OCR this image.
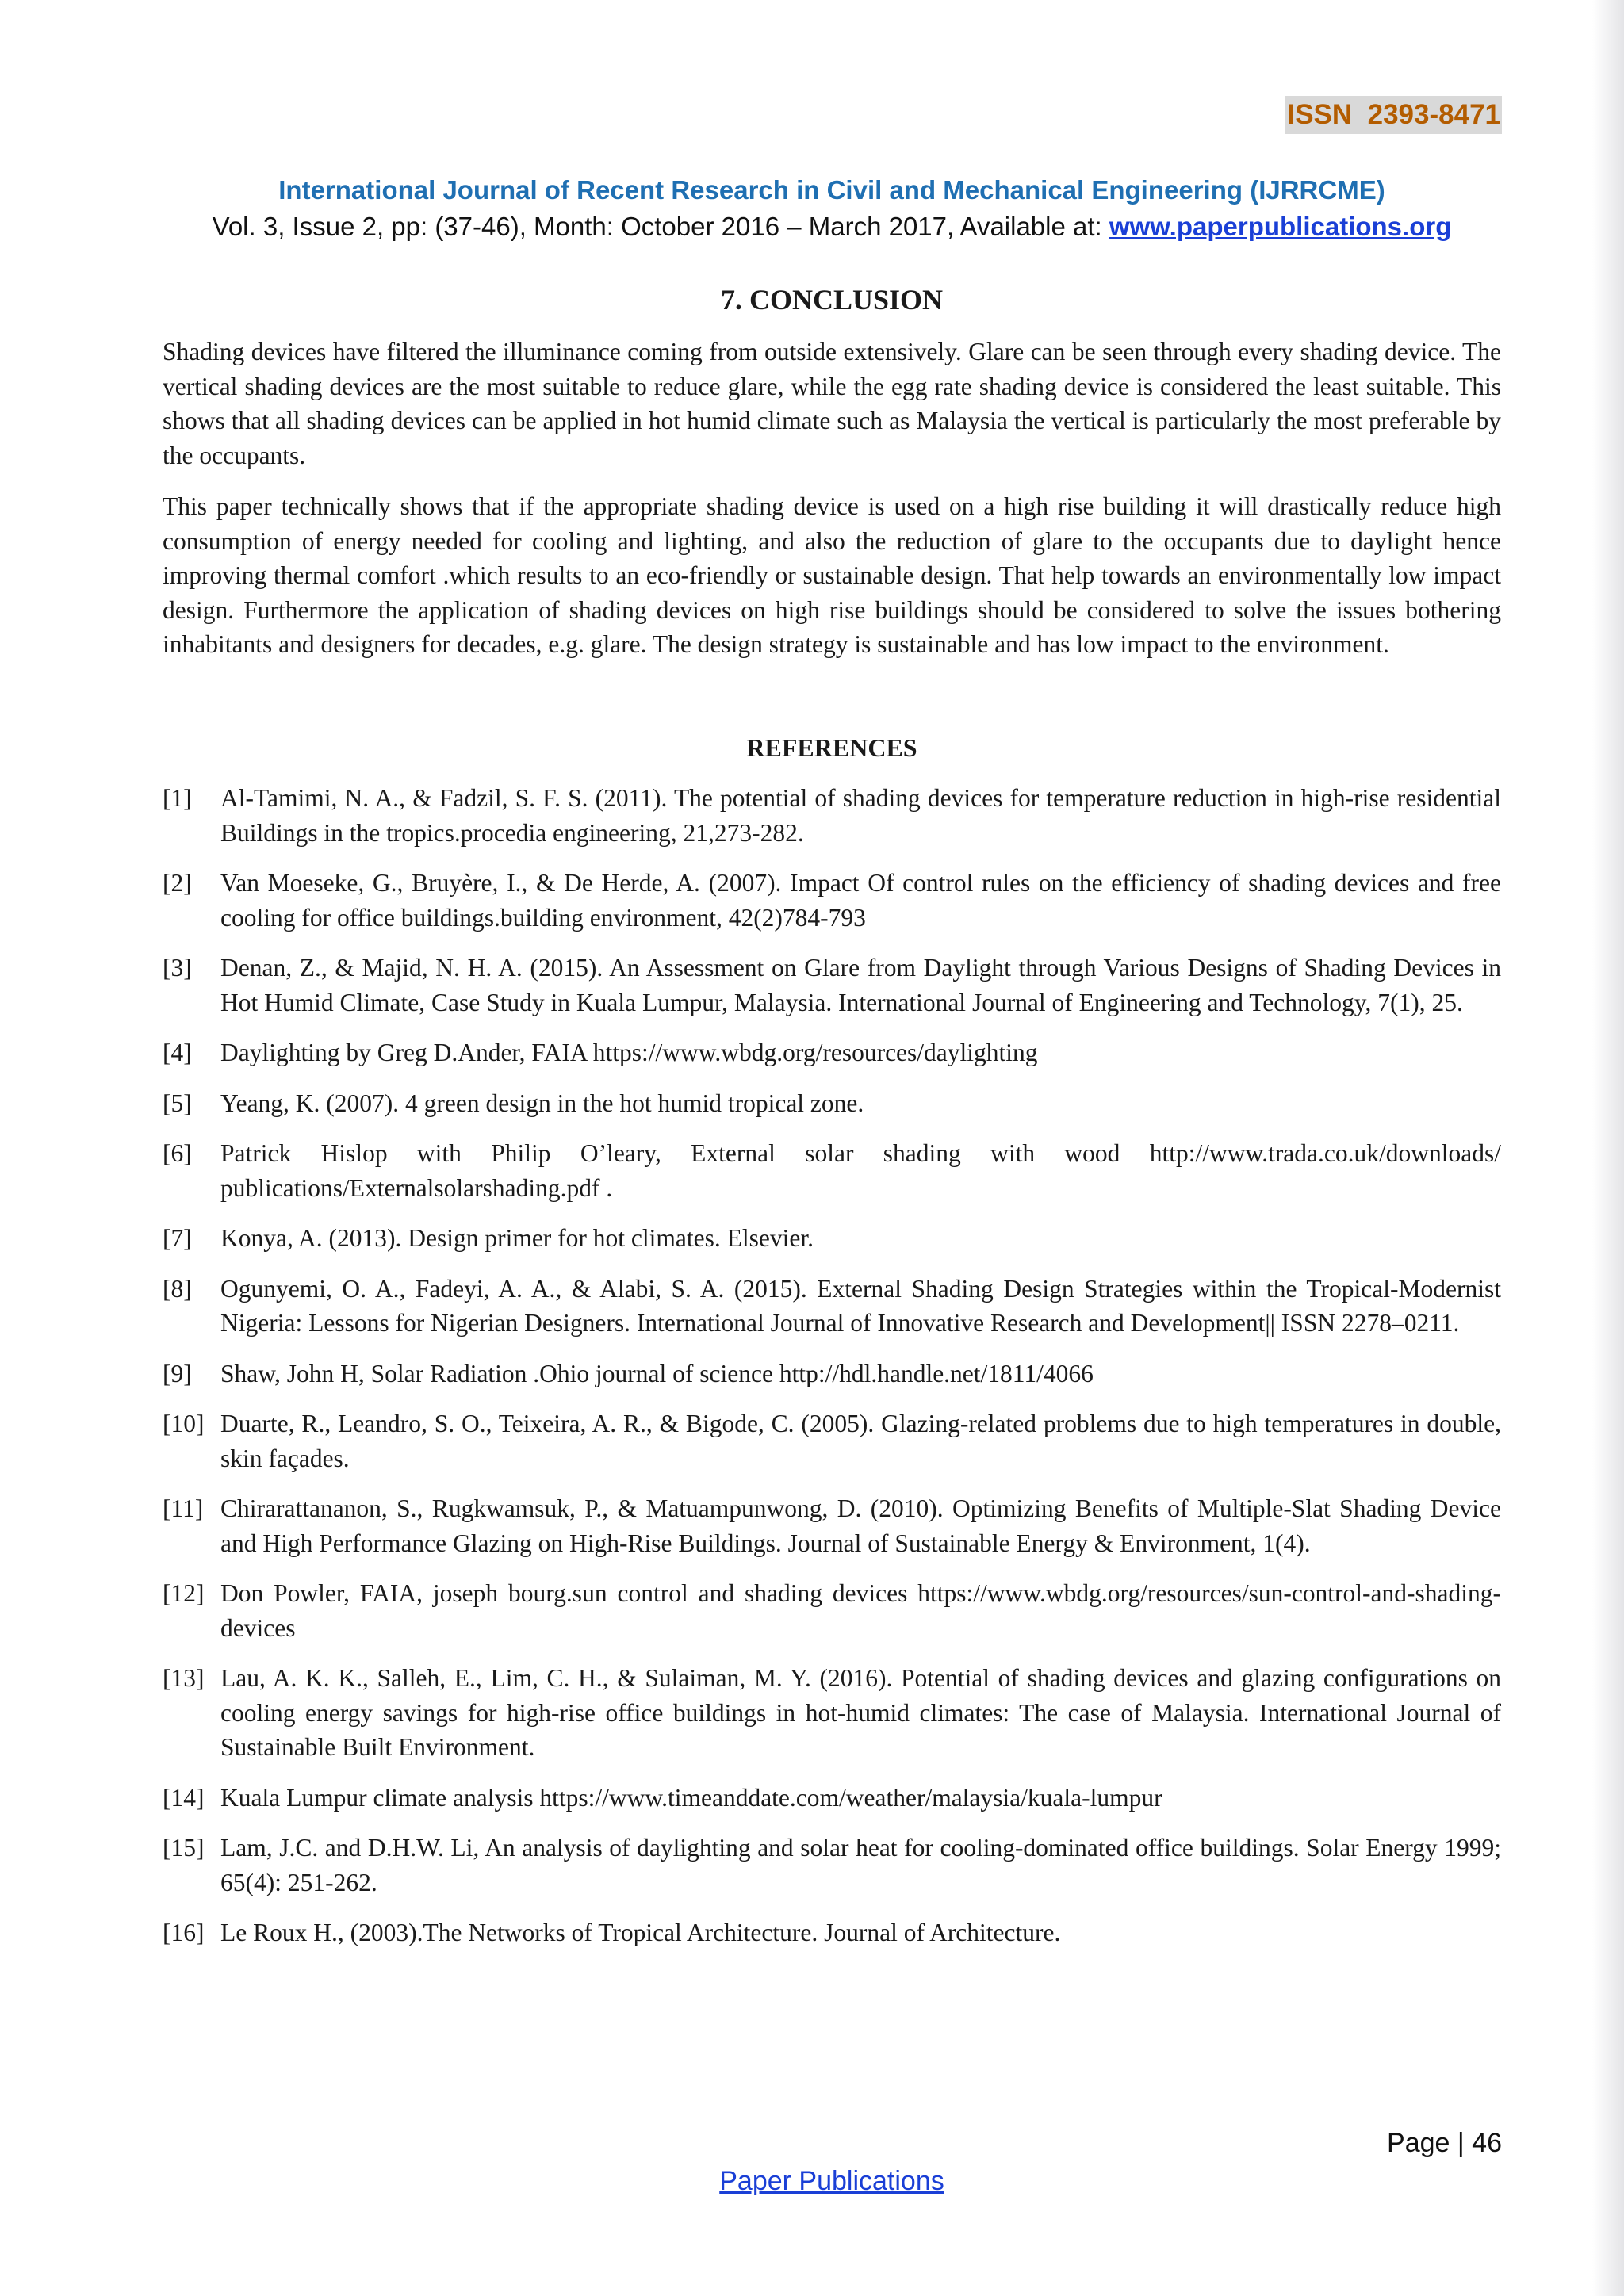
ISSN  2393-8471
International Journal of Recent Research in Civil and Mechanical Engineering (IJRRCME)
Vol. 3, Issue 2, pp: (37-46), Month: October 2016 – March 2017, Available at: www.paperpublications.org
7. CONCLUSION

Shading devices have filtered the illuminance coming from outside extensively. Glare can be seen through every shading device. The vertical shading devices are the most suitable to reduce glare, while the egg rate shading device is considered the least suitable. This shows that all shading devices can be applied in hot humid climate such as Malaysia the vertical is particularly the most preferable by the occupants.

This paper technically shows that if the appropriate shading device is used on a high rise building it will drastically reduce high consumption of energy needed for cooling and lighting, and also the reduction of glare to the occupants due to daylight hence improving thermal comfort .which results to an eco-friendly or sustainable design. That help towards an environmentally low impact design. Furthermore the application of shading devices on high rise buildings should be considered to solve the issues bothering inhabitants and designers for decades, e.g. glare. The design strategy is sustainable and has low impact to the environment.

REFERENCES
[1] Al-Tamimi, N. A., & Fadzil, S. F. S. (2011). The potential of shading devices for temperature reduction in high-rise residential Buildings in the tropics.procedia engineering, 21,273-282.
[2] Van Moeseke, G., Bruyère, I., & De Herde, A. (2007). Impact Of control rules on the efficiency of shading devices and free cooling for office buildings.building environment, 42(2)784-793
[3] Denan, Z., & Majid, N. H. A. (2015). An Assessment on Glare from Daylight through Various Designs of Shading Devices in Hot Humid Climate, Case Study in Kuala Lumpur, Malaysia. International Journal of Engineering and Technology, 7(1), 25.
[4] Daylighting by Greg D.Ander, FAIA https://www.wbdg.org/resources/daylighting
[5] Yeang, K. (2007). 4 green design in the hot humid tropical zone.
[6] Patrick Hislop with Philip O’leary, External solar shading with wood http://www.trada.co.uk/downloads/ publications/Externalsolarshading.pdf .
[7] Konya, A. (2013). Design primer for hot climates. Elsevier.
[8] Ogunyemi, O. A., Fadeyi, A. A., & Alabi, S. A. (2015). External Shading Design Strategies within the Tropical-Modernist Nigeria: Lessons for Nigerian Designers. International Journal of Innovative Research and Development|| ISSN 2278–0211.
[9] Shaw, John H, Solar Radiation .Ohio journal of science http://hdl.handle.net/1811/4066
[10] Duarte, R., Leandro, S. O., Teixeira, A. R., & Bigode, C. (2005). Glazing-related problems due to high temperatures in double, skin façades.
[11] Chirarattananon, S., Rugkwamsuk, P., & Matuampunwong, D. (2010). Optimizing Benefits of Multiple-Slat Shading Device and High Performance Glazing on High-Rise Buildings. Journal of Sustainable Energy & Environment, 1(4).
[12] Don Powler, FAIA, joseph bourg.sun control and shading devices https://www.wbdg.org/resources/sun-control-and-shading-devices
[13] Lau, A. K. K., Salleh, E., Lim, C. H., & Sulaiman, M. Y. (2016). Potential of shading devices and glazing configurations on cooling energy savings for high-rise office buildings in hot-humid climates: The case of Malaysia. International Journal of Sustainable Built Environment.
[14] Kuala Lumpur climate analysis https://www.timeanddate.com/weather/malaysia/kuala-lumpur
[15] Lam, J.C. and D.H.W. Li, An analysis of daylighting and solar heat for cooling-dominated office buildings. Solar Energy 1999; 65(4): 251-262.
[16] Le Roux H., (2003).The Networks of Tropical Architecture. Journal of Architecture.
Page | 46
Paper Publications
